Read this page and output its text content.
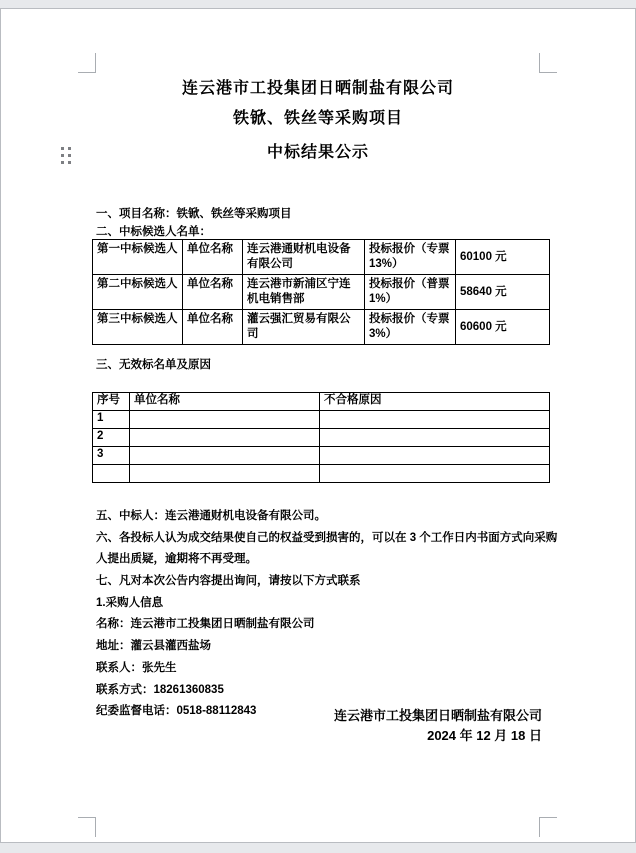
连云港市工投集团日晒制盐有限公司
铁锨、铁丝等采购项目
中标结果公示
一、项目名称：铁锨、铁丝等采购项目
二、中标候选人名单：
第一中标候选人	单位名称	连云港通财机电设备有限公司	投标报价（专票13%）	60100 元
第二中标候选人	单位名称	连云港市新浦区宁连机电销售部	投标报价（普票1%）	58640 元
第三中标候选人	单位名称	灌云强汇贸易有限公司	投标报价（专票3%）	60600 元
三、无效标名单及原因
序号	单位名称	不合格原因
1		
2		
3		

五、中标人：连云港通财机电设备有限公司。
六、各投标人认为成交结果使自己的权益受到损害的，可以在 3 个工作日内书面方式向采购
人提出质疑，逾期将不再受理。
七、凡对本次公告内容提出询问，请按以下方式联系
1.采购人信息
名称：连云港市工投集团日晒制盐有限公司
地址：灌云县灌西盐场
联系人：张先生
联系方式：18261360835
纪委监督电话：0518-88112843	连云港市工投集团日晒制盐有限公司
2024 年 12 月 18 日
